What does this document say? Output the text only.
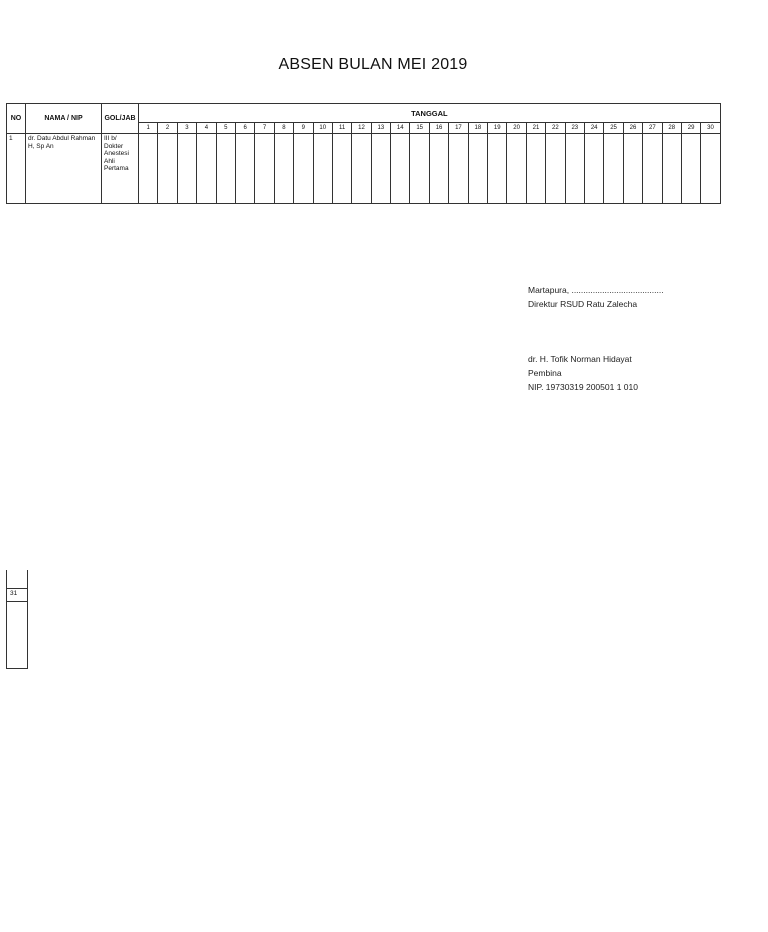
ABSEN BULAN MEI 2019
NO	NAMA / NIP	GOL/JAB	TANGGAL																													
			1	2	3	4	5	6	7	8	9	10	11	12	13	14	15	16	17	18	19	20	21	22	23	24	25	26	27	28	29	30
1	dr. Datu Abdul Rahman H, Sp An	III b/ Dokter Anestesi Ahli Pertama																														
Martapura, .......................................
Direktur RSUD Ratu Zalecha
dr. H. Tofik Norman Hidayat
Pembina
NIP. 19730319 200501 1 010
31
